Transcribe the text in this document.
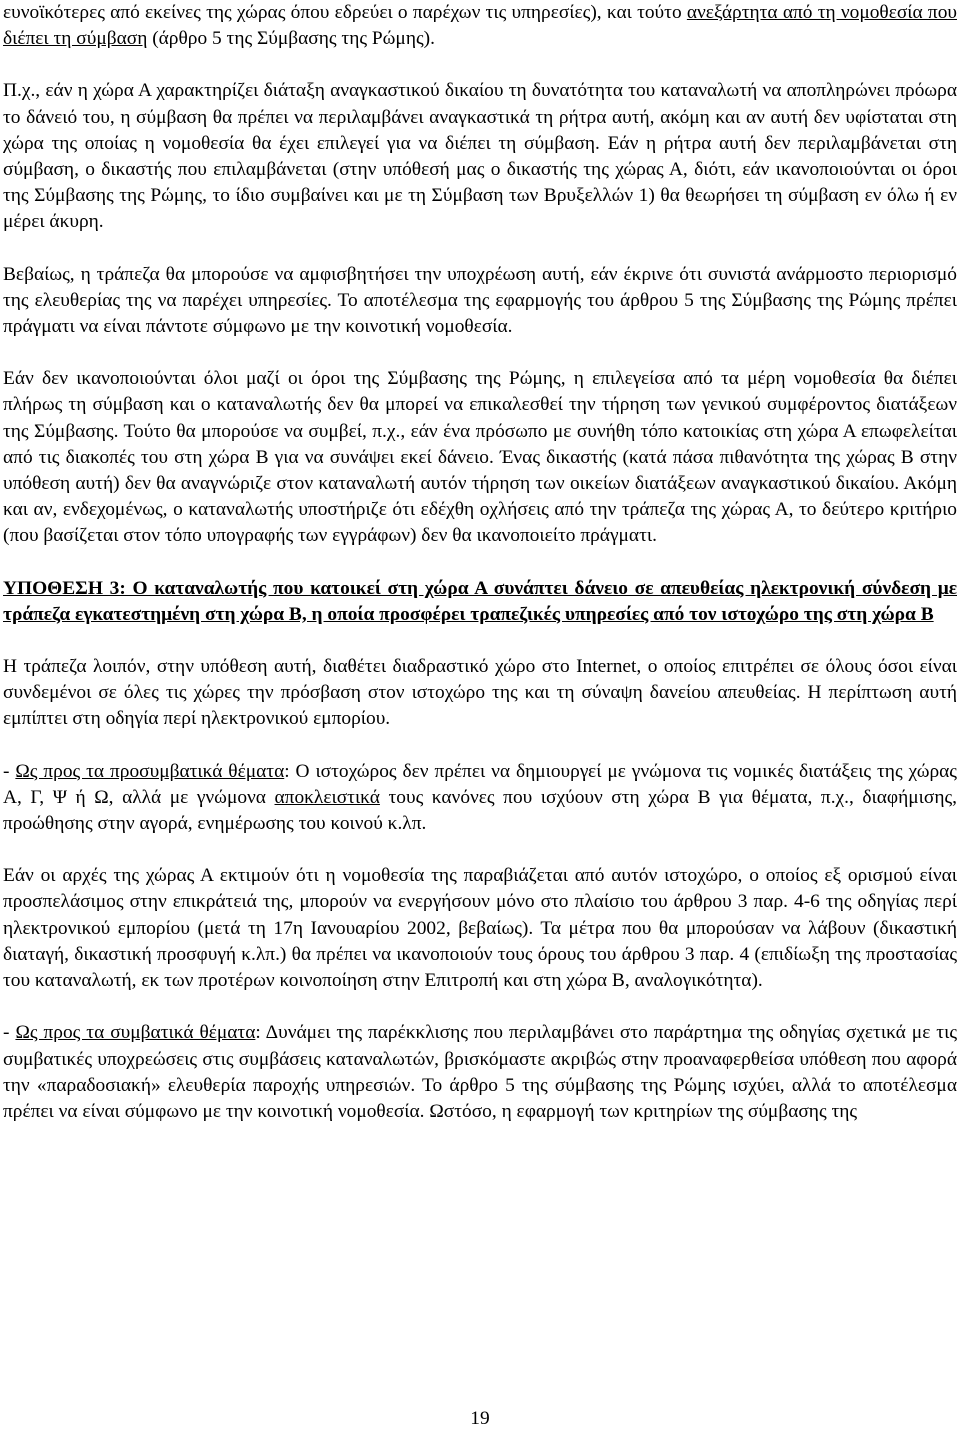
ευνοϊκότερες από εκείνες της χώρας όπου εδρεύει ο παρέχων τις υπηρεσίες), και τούτο ανεξάρτητα από τη νομοθεσία που διέπει τη σύμβαση (άρθρο 5 της Σύμβασης της Ρώμης).

Π.χ., εάν η χώρα Α χαρακτηρίζει διάταξη αναγκαστικού δικαίου τη δυνατότητα του καταναλωτή να αποπληρώνει πρόωρα το δάνειό του, η σύμβαση θα πρέπει να περιλαμβάνει αναγκαστικά τη ρήτρα αυτή, ακόμη και αν αυτή δεν υφίσταται στη χώρα της οποίας η νομοθεσία θα έχει επιλεγεί για να διέπει τη σύμβαση. Εάν η ρήτρα αυτή δεν περιλαμβάνεται στη σύμβαση, ο δικαστής που επιλαμβάνεται (στην υπόθεσή μας ο δικαστής της χώρας Α, διότι, εάν ικανοποιούνται οι όροι της Σύμβασης της Ρώμης, το ίδιο συμβαίνει και με τη Σύμβαση των Βρυξελλών 1) θα θεωρήσει τη σύμβαση εν όλω ή εν μέρει άκυρη.

Βεβαίως, η τράπεζα θα μπορούσε να αμφισβητήσει την υποχρέωση αυτή, εάν έκρινε ότι συνιστά ανάρμοστο περιορισμό της ελευθερίας της να παρέχει υπηρεσίες. Το αποτέλεσμα της εφαρμογής του άρθρου 5 της Σύμβασης της Ρώμης πρέπει πράγματι να είναι πάντοτε σύμφωνο με την κοινοτική νομοθεσία.

Εάν δεν ικανοποιούνται όλοι μαζί οι όροι της Σύμβασης της Ρώμης, η επιλεγείσα από τα μέρη νομοθεσία θα διέπει πλήρως τη σύμβαση και ο καταναλωτής δεν θα μπορεί να επικαλεσθεί την τήρηση των γενικού συμφέροντος διατάξεων της Σύμβασης. Τούτο θα μπορούσε να συμβεί, π.χ., εάν ένα πρόσωπο με συνήθη τόπο κατοικίας στη χώρα Α επωφελείται από τις διακοπές του στη χώρα Β για να συνάψει εκεί δάνειο. Ένας δικαστής (κατά πάσα πιθανότητα της χώρας Β στην υπόθεση αυτή) δεν θα αναγνώριζε στον καταναλωτή αυτόν τήρηση των οικείων διατάξεων αναγκαστικού δικαίου. Ακόμη και αν, ενδεχομένως, ο καταναλωτής υποστήριζε ότι εδέχθη οχλήσεις από την τράπεζα της χώρας Α, το δεύτερο κριτήριο (που βασίζεται στον τόπο υπογραφής των εγγράφων) δεν θα ικανοποιείτο πράγματι.

ΥΠΟΘΕΣΗ 3: Ο καταναλωτής που κατοικεί στη χώρα Α συνάπτει δάνειο σε απευθείας ηλεκτρονική σύνδεση με τράπεζα εγκατεστημένη στη χώρα Β, η οποία προσφέρει τραπεζικές υπηρεσίες από τον ιστοχώρο της στη χώρα Β

Η τράπεζα λοιπόν, στην υπόθεση αυτή, διαθέτει διαδραστικό χώρο στο Internet, ο οποίος επιτρέπει σε όλους όσοι είναι συνδεμένοι σε όλες τις χώρες την πρόσβαση στον ιστοχώρο της και τη σύναψη δανείου απευθείας. Η περίπτωση αυτή εμπίπτει στη οδηγία περί ηλεκτρονικού εμπορίου.

- Ως προς τα προσυμβατικά θέματα: Ο ιστοχώρος δεν πρέπει να δημιουργεί με γνώμονα τις νομικές διατάξεις της χώρας Α, Γ, Ψ ή Ω, αλλά με γνώμονα αποκλειστικά τους κανόνες που ισχύουν στη χώρα Β για θέματα, π.χ., διαφήμισης, προώθησης στην αγορά, ενημέρωσης του κοινού κ.λπ.

Εάν οι αρχές της χώρας Α εκτιμούν ότι η νομοθεσία της παραβιάζεται από αυτόν ιστοχώρο, ο οποίος εξ ορισμού είναι προσπελάσιμος στην επικράτειά της, μπορούν να ενεργήσουν μόνο στο πλαίσιο του άρθρου 3 παρ. 4-6 της οδηγίας περί ηλεκτρονικού εμπορίου (μετά τη 17η Ιανουαρίου 2002, βεβαίως). Τα μέτρα που θα μπορούσαν να λάβουν (δικαστική διαταγή, δικαστική προσφυγή κ.λπ.) θα πρέπει να ικανοποιούν τους όρους του άρθρου 3 παρ. 4 (επιδίωξη της προστασίας του καταναλωτή, εκ των προτέρων κοινοποίηση στην Επιτροπή και στη χώρα Β, αναλογικότητα).

- Ως προς τα συμβατικά θέματα: Δυνάμει της παρέκκλισης που περιλαμβάνει στο παράρτημα της οδηγίας σχετικά με τις συμβατικές υποχρεώσεις στις συμβάσεις καταναλωτών, βρισκόμαστε ακριβώς στην προαναφερθείσα υπόθεση που αφορά την «παραδοσιακή» ελευθερία παροχής υπηρεσιών. Το άρθρο 5 της σύμβασης της Ρώμης ισχύει, αλλά το αποτέλεσμα πρέπει να είναι σύμφωνο με την κοινοτική νομοθεσία. Ωστόσο, η εφαρμογή των κριτηρίων της σύμβασης της

19
